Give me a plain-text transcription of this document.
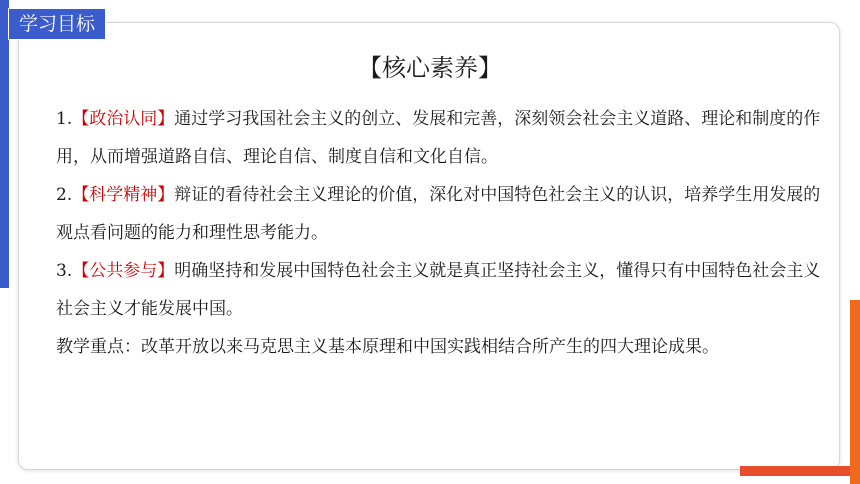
学习目标
【核心素养】

1.【政治认同】通过学习我国社会主义的创立、发展和完善，深刻领会社会主义道路、理论和制度的作用，从而增强道路自信、理论自信、制度自信和文化自信。

2.【科学精神】辩证的看待社会主义理论的价值，深化对中国特色社会主义的认识，培养学生用发展的观点看问题的能力和理性思考能力。

3.【公共参与】明确坚持和发展中国特色社会主义就是真正坚持社会主义，懂得只有中国特色社会主义社会主义才能发展中国。

教学重点：改革开放以来马克思主义基本原理和中国实践相结合所产生的四大理论成果。
